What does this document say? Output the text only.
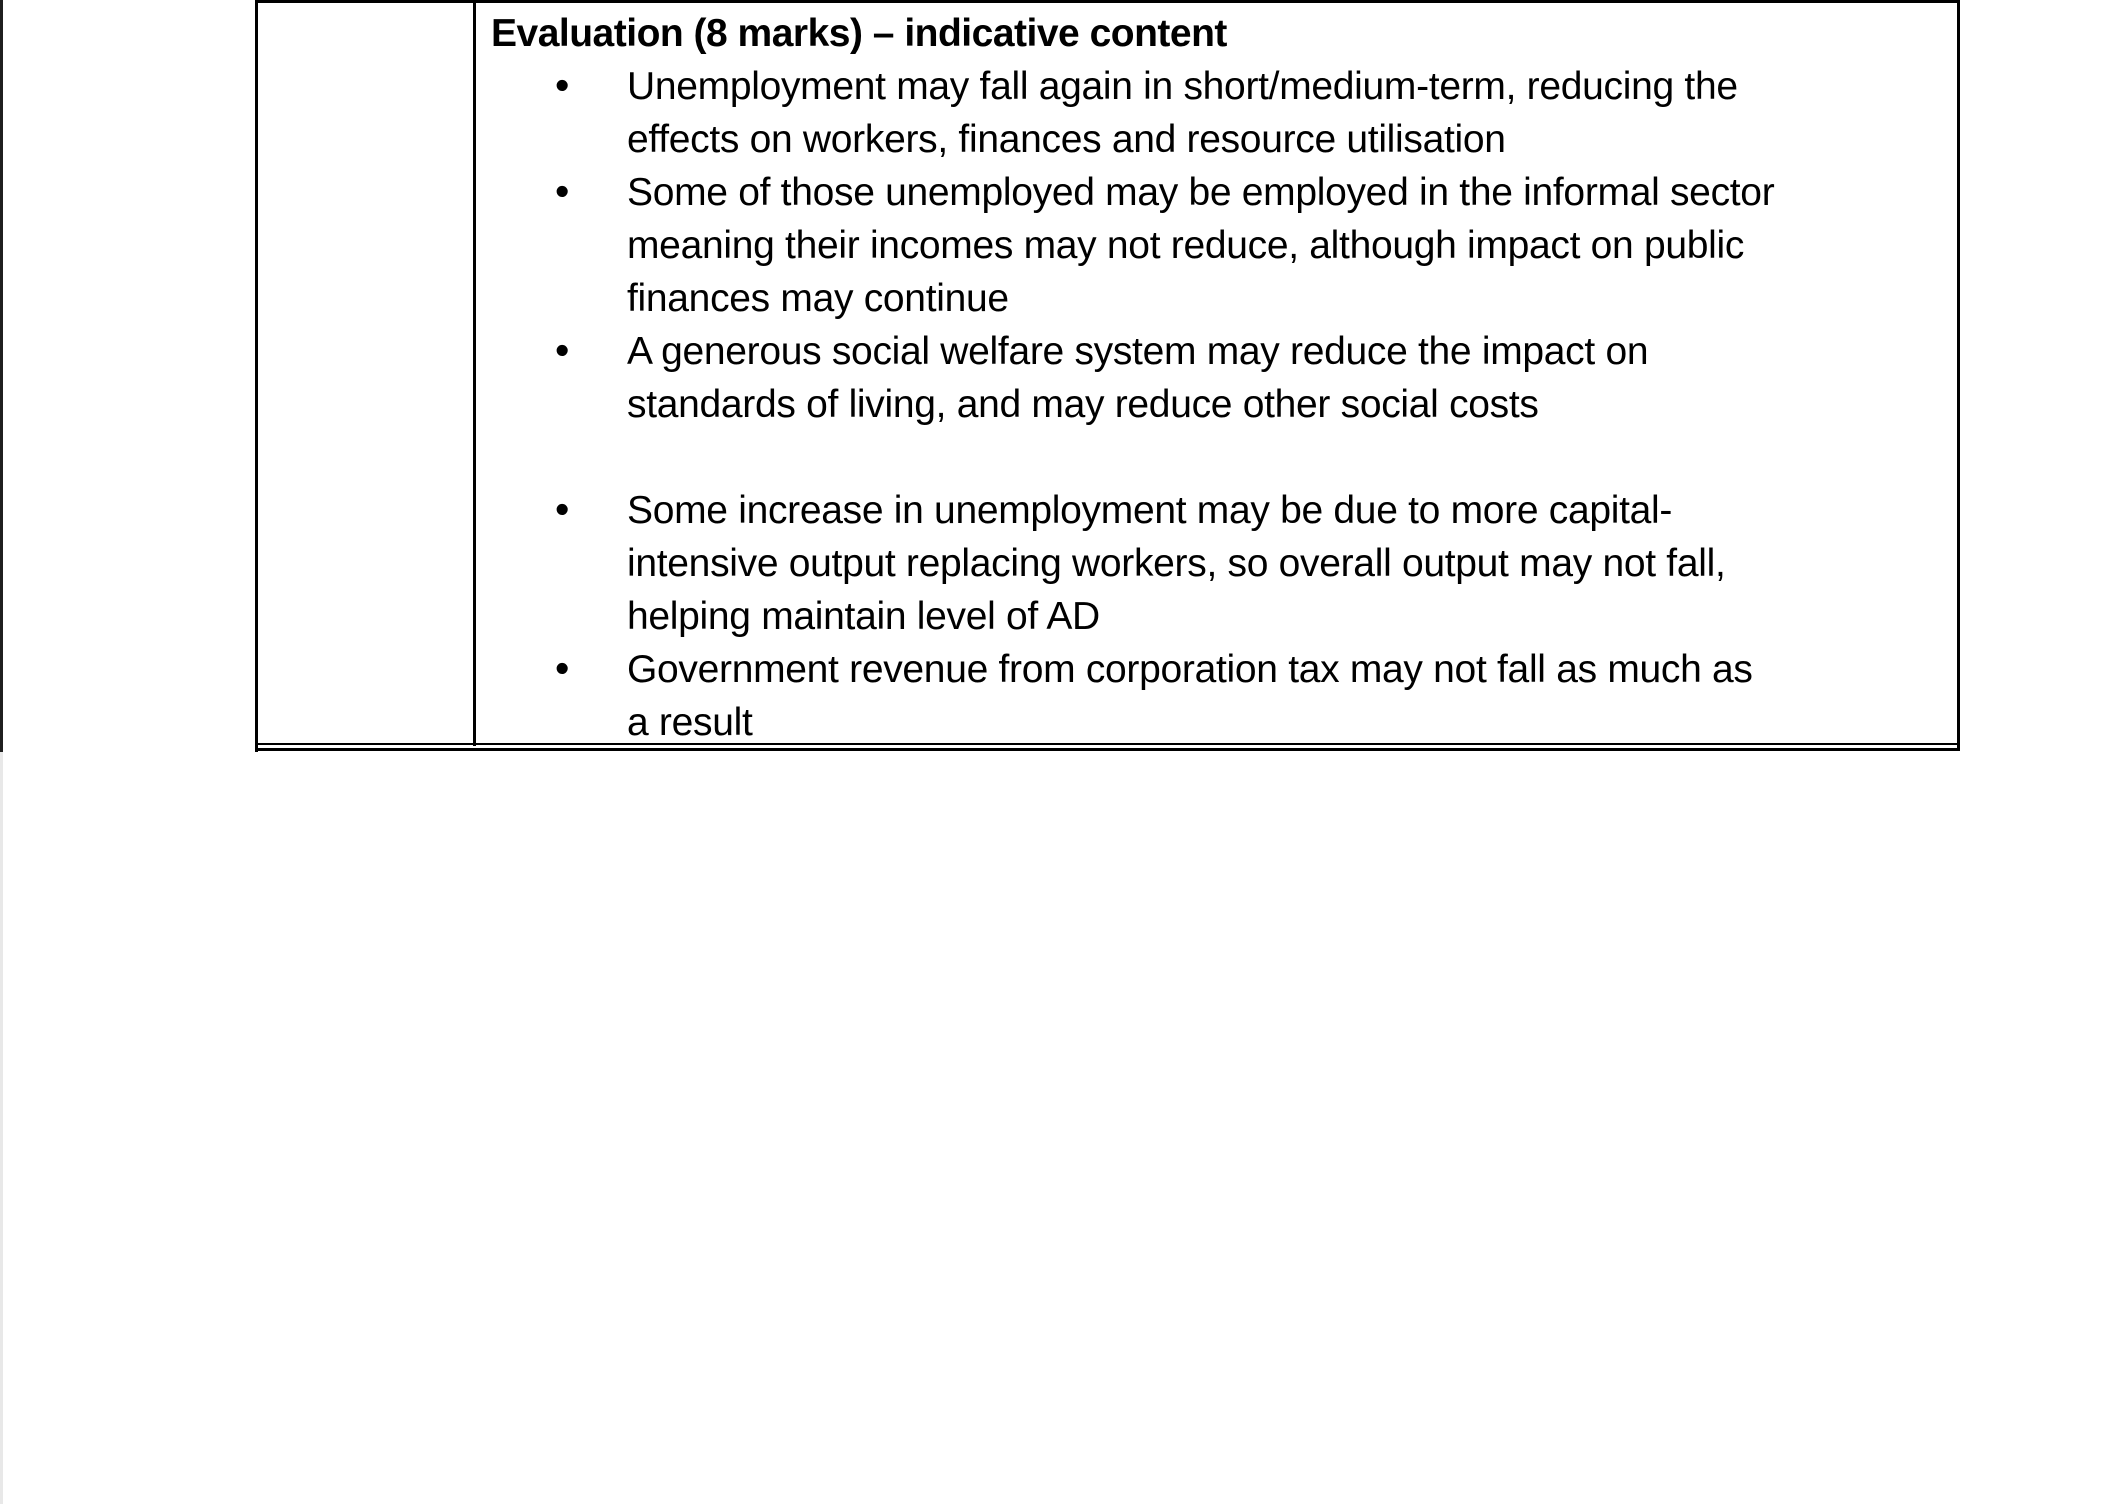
Evaluation (8 marks) – indicative content
• Unemployment may fall again in short/medium-term, reducing the
effects on workers, finances and resource utilisation
• Some of those unemployed may be employed in the informal sector
meaning their incomes may not reduce, although impact on public
finances may continue
• A generous social welfare system may reduce the impact on
standards of living, and may reduce other social costs
• Some increase in unemployment may be due to more capital-
intensive output replacing workers, so overall output may not fall,
helping maintain level of AD
• Government revenue from corporation tax may not fall as much as
a result
